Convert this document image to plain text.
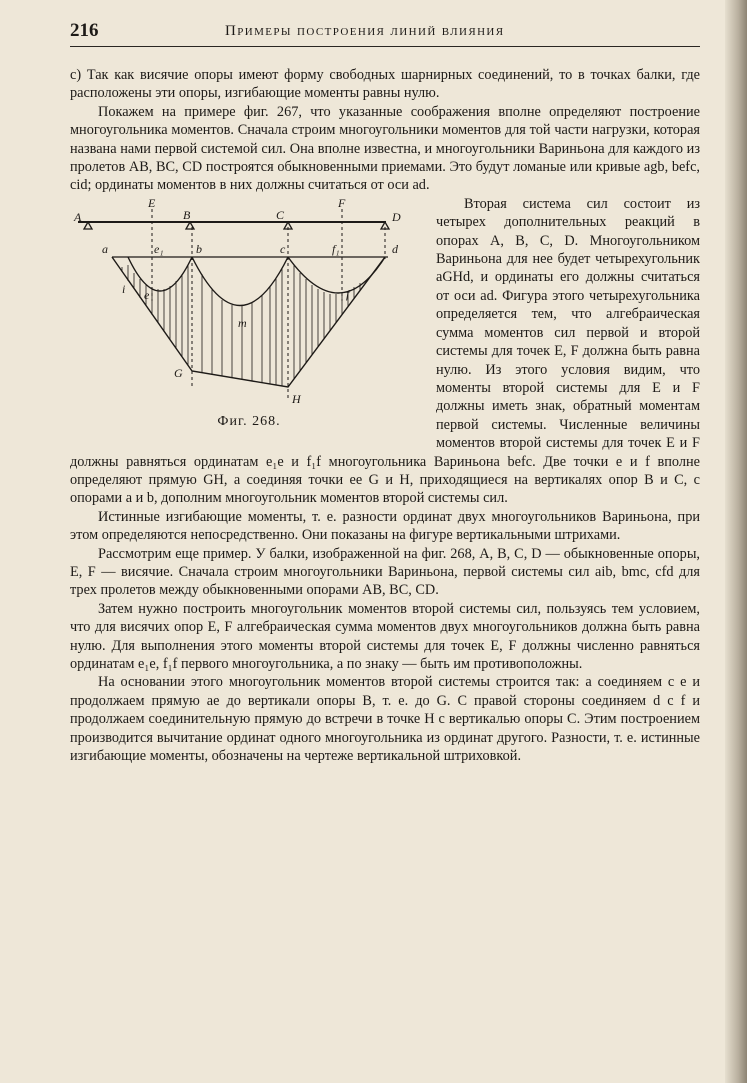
216	Примеры построения линий влияния

с) Так как висячие опоры имеют форму свободных шарнирных соединений, то в точках балки, где расположены эти опоры, изгибающие моменты равны нулю.

Покажем на примере фиг. 267, что указанные соображения вполне определяют построение многоугольника моментов. Сначала строим многоугольники моментов для той части нагрузки, которая названа нами первой системой сил. Она вполне известна, и многоугольники Вариньона для каждого из пролетов AB, BC, CD построятся обыкновенными приемами. Это будут ломаные или кривые agb, befc, cid; ординаты моментов в них должны считаться от оси ad.

A	B	C	D
E	F
a	e₁	b	c	f₁	d
i e
m
f
G
H
Фиг. 268.

Вторая система сил состоит из четырех дополнительных реакций в опорах A, B, C, D. Многоугольником Вариньона для нее будет четырехугольник aGHd, и ординаты его должны считаться от оси ad. Фигура этого четырехугольника определяется тем, что алгебраическая сумма моментов сил первой и второй системы для точек E, F должна быть равна нулю. Из этого условия видим, что моменты второй системы для E и F должны иметь знак, обратный моментам первой системы. Численные величины моментов второй системы для точек E и F должны равняться ординатам e₁e и f₁f многоугольника Вариньона befc. Две точки e и f вполне определяют прямую GH, а соединяя точки ее G и H, приходящиеся на вертикалях опор B и C, с опорами a и b, дополним многоугольник моментов второй системы сил.

Истинные изгибающие моменты, т. е. разности ординат двух многоугольников Вариньона, при этом определяются непосредственно. Они показаны на фигуре вертикальными штрихами.

Рассмотрим еще пример. У балки, изображенной на фиг. 268, A, B, C, D — обыкновенные опоры, E, F — висячие. Сначала строим многоугольники Вариньона, первой системы сил aib, bmc, cfd для трех пролетов между обыкновенными опорами AB, BC, CD.

Затем нужно построить многоугольник моментов второй системы сил, пользуясь тем условием, что для висячих опор E, F алгебраическая сумма моментов двух многоугольников должна быть равна нулю. Для выполнения этого моменты второй системы для точек E, F должны численно равняться ординатам e₁e, f₁f первого многоугольника, а по знаку — быть им противоположны.

На основании этого многоугольник моментов второй системы строится так: a соединяем с e и продолжаем прямую ae до вертикали опоры B, т. е. до G. С правой стороны соединяем d с f и продолжаем соединительную прямую до встречи в точке H с вертикалью опоры C. Этим построением производится вычитание ординат одного многоугольника из ординат другого. Разности, т. е. истинные изгибающие моменты, обозначены на чертеже вертикальной штриховкой.
